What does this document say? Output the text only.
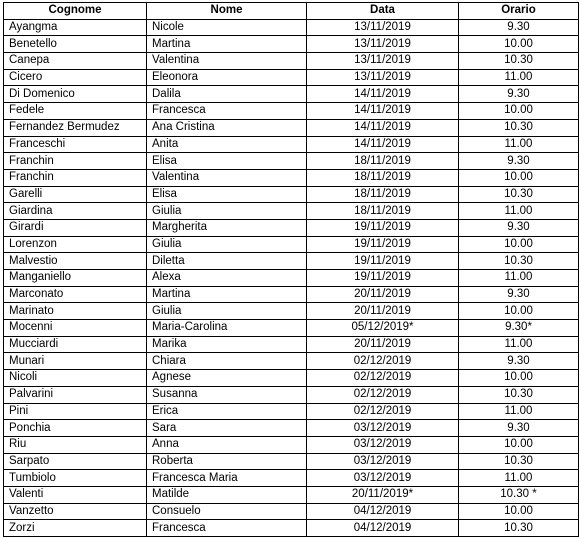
Cognome	Nome	Data	Orario
Ayangma	Nicole	13/11/2019	9.30
Benetello	Martina	13/11/2019	10.00
Canepa	Valentina	13/11/2019	10.30
Cicero	Eleonora	13/11/2019	11.00
Di Domenico	Dalila	14/11/2019	9.30
Fedele	Francesca	14/11/2019	10.00
Fernandez Bermudez	Ana Cristina	14/11/2019	10.30
Franceschi	Anita	14/11/2019	11.00
Franchin	Elisa	18/11/2019	9.30
Franchin	Valentina	18/11/2019	10.00
Garelli	Elisa	18/11/2019	10.30
Giardina	Giulia	18/11/2019	11.00
Girardi	Margherita	19/11/2019	9.30
Lorenzon	Giulia	19/11/2019	10.00
Malvestio	Diletta	19/11/2019	10.30
Manganiello	Alexa	19/11/2019	11.00
Marconato	Martina	20/11/2019	9.30
Marinato	Giulia	20/11/2019	10.00
Mocenni	Maria-Carolina	05/12/2019*	9.30*
Mucciardi	Marika	20/11/2019	11.00
Munari	Chiara	02/12/2019	9.30
Nicoli	Agnese	02/12/2019	10.00
Palvarini	Susanna	02/12/2019	10.30
Pini	Erica	02/12/2019	11.00
Ponchia	Sara	03/12/2019	9.30
Riu	Anna	03/12/2019	10.00
Sarpato	Roberta	03/12/2019	10.30
Tumbiolo	Francesca Maria	03/12/2019	11.00
Valenti	Matilde	20/11/2019*	10.30 *
Vanzetto	Consuelo	04/12/2019	10.00
Zorzi	Francesca	04/12/2019	10.30
